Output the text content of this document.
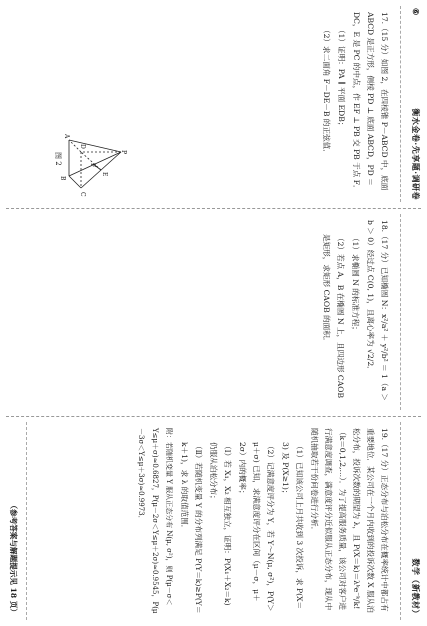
⑥
衡水金卷·先享题·调研卷

17.（15 分）如图 2，在四棱锥 P－ABCD 中，底面 ABCD 是正方形，侧棱 PD ⊥ 底面 ABCD，PD ＝ DC，E 是 PC 的中点，作 EF ⊥ PB 交 PB 于点 F．

（1）证明：PA ∥ 平面 EDB；

（2）求二面角 F－DE－B 的正弦值．

P
A
B
C
D
E
F
图 2

18.（17 分）已知椭圆 N：x²/a² ＋ y²/b² ＝ 1（a ＞ b ＞ 0）经过点 C(0, 1)，且离心率为 √2/2．

（1）求椭圆 N 的标准方程；

（2）若点 A，B 在椭圆 N 上，且四边形 CAOB 是矩形，求矩形 CAOB 的面积．

数学（新教材）

19.（17 分）正态分布与泊松分布在概率统计中都占有重要地位．某公司在一个月内收到的投诉次数 X 服从泊松分布，投诉次数的期望为 λ，且 P(X＝k)＝λᵏe⁻ᵏ/k!（k＝0,1,2,…）．为了提高服务质量，该公司对客户进行满意度调查，满意度评分近似服从正态分布，现从中随机抽取若干份问卷进行分析．

（1）已知该公司上月共收到 3 次投诉，求 P(X＝3) 及 P(X≥1)；

（2）记满意度评分为 Y，若 Y～N(μ, σ²)，P(Y＞μ＋σ) 已知，求满意度评分在区间（μ－σ，μ＋2σ）内的概率；

（Ⅰ）若 X₁，X₂ 相互独立，证明：P(X₁＋X₂＝k) 仍服从泊松分布；

（Ⅱ）若随机变量 Y 的分布列满足 P(Y＝k)≥P(Y＝k＋1)，求 λ 的取值范围．

附：若随机变量 Y 服从正态分布 N(μ, σ²)，则 P(μ－σ＜Y≤μ＋σ)≈0.6827，P(μ－2σ＜Y≤μ＋2σ)≈0.9545，P(μ－3σ＜Y≤μ＋3σ)≈0.9973．

（参考答案与解题提示见 18 页）
